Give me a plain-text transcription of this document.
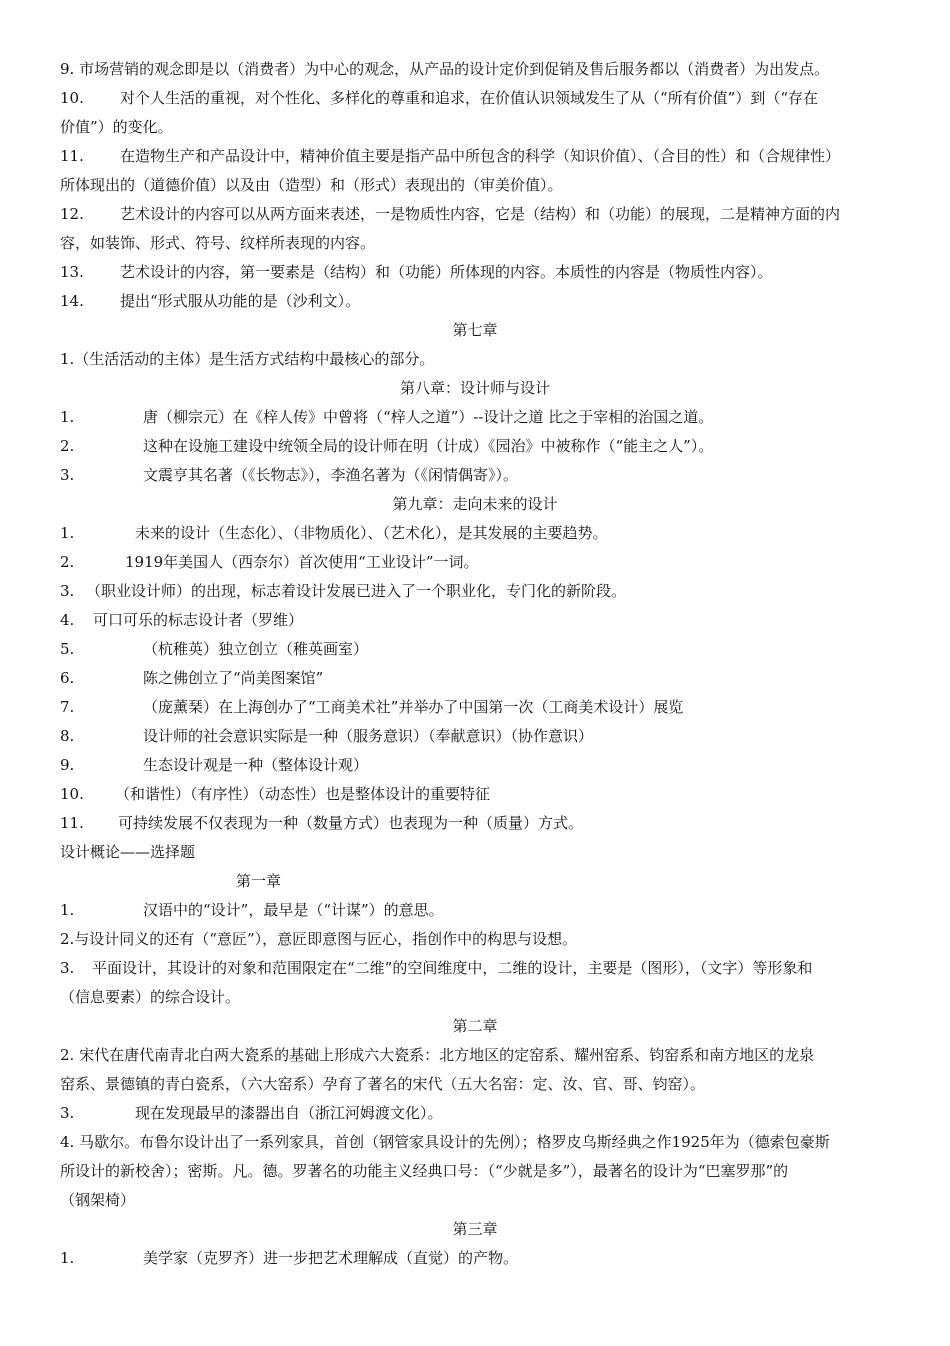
9. 市场营销的观念即是以（消费者）为中心的观念，从产品的设计定价到促销及售后服务都以（消费者）为出发点。
10. 对个人生活的重视，对个性化、多样化的尊重和追求，在价值认识领域发生了从（“所有价值”）到（“存在
价值”）的变化。
11. 在造物生产和产品设计中，精神价值主要是指产品中所包含的科学（知识价值）、（合目的性）和（合规律性）
所体现出的（道德价值）以及由（造型）和（形式）表现出的（审美价值）。
12. 艺术设计的内容可以从两方面来表述，一是物质性内容，它是（结构）和（功能）的展现，二是精神方面的内
容，如装饰、形式、符号、纹样所表现的内容。
13. 艺术设计的内容，第一要素是（结构）和（功能）所体现的内容。本质性的内容是（物质性内容）。
14. 提出“形式服从功能的是（沙利文）。
第七章
1.（生活活动的主体）是生活方式结构中最核心的部分。
第八章：设计师与设计
1.	唐（柳宗元）在《梓人传》中曾将（“梓人之道”）--设计之道 比之于宰相的治国之道。
2.	这种在设施工建设中统领全局的设计师在明（计成）《园治》中被称作（“能主之人”）。
3.	文震亨其名著（《长物志》），李渔名著为（《闲情偶寄》）。
第九章：走向未来的设计
1.	未来的设计（生态化）、（非物质化）、（艺术化），是其发展的主要趋势。
2.	1919年美国人（西奈尔）首次使用“工业设计”一词。
3. （职业设计师）的出现，标志着设计发展已进入了一个职业化，专门化的新阶段。
4. 可口可乐的标志设计者（罗维）
5.	（杭稚英）独立创立（稚英画室）
6.	陈之佛创立了“尚美图案馆”
7.	（庞薰琹）在上海创办了“工商美术社”并举办了中国第一次（工商美术设计）展览
8.	设计师的社会意识实际是一种（服务意识）（奉献意识）（协作意识）
9.	生态设计观是一种（整体设计观）
10. （和谐性）（有序性）（动态性）也是整体设计的重要特征
11. 可持续发展不仅表现为一种（数量方式）也表现为一种（质量）方式。
设计概论——选择题
第一章
1.	汉语中的“设计”，最早是（“计谋”）的意思。
2.与设计同义的还有（“意匠”），意匠即意图与匠心，指创作中的构思与设想。
3. 平面设计，其设计的对象和范围限定在“二维”的空间维度中，二维的设计，主要是（图形），（文字）等形象和
（信息要素）的综合设计。
第二章
2. 宋代在唐代南青北白两大瓷系的基础上形成六大瓷系：北方地区的定窑系、耀州窑系、钧窑系和南方地区的龙泉
窑系、景德镇的青白瓷系，（六大窑系）孕育了著名的宋代（五大名窑：定、汝、官、哥、钧窑）。
3.	现在发现最早的漆器出自（浙江河姆渡文化）。
4. 马歇尔。布鲁尔设计出了一系列家具，首创（钢管家具设计的先例）；格罗皮乌斯经典之作1925年为（德索包豪斯
所设计的新校舍）；密斯。凡。德。罗著名的功能主义经典口号：（“少就是多”），最著名的设计为“巴塞罗那”的
（钢架椅）
第三章
1.	美学家（克罗齐）进一步把艺术理解成（直觉）的产物。
